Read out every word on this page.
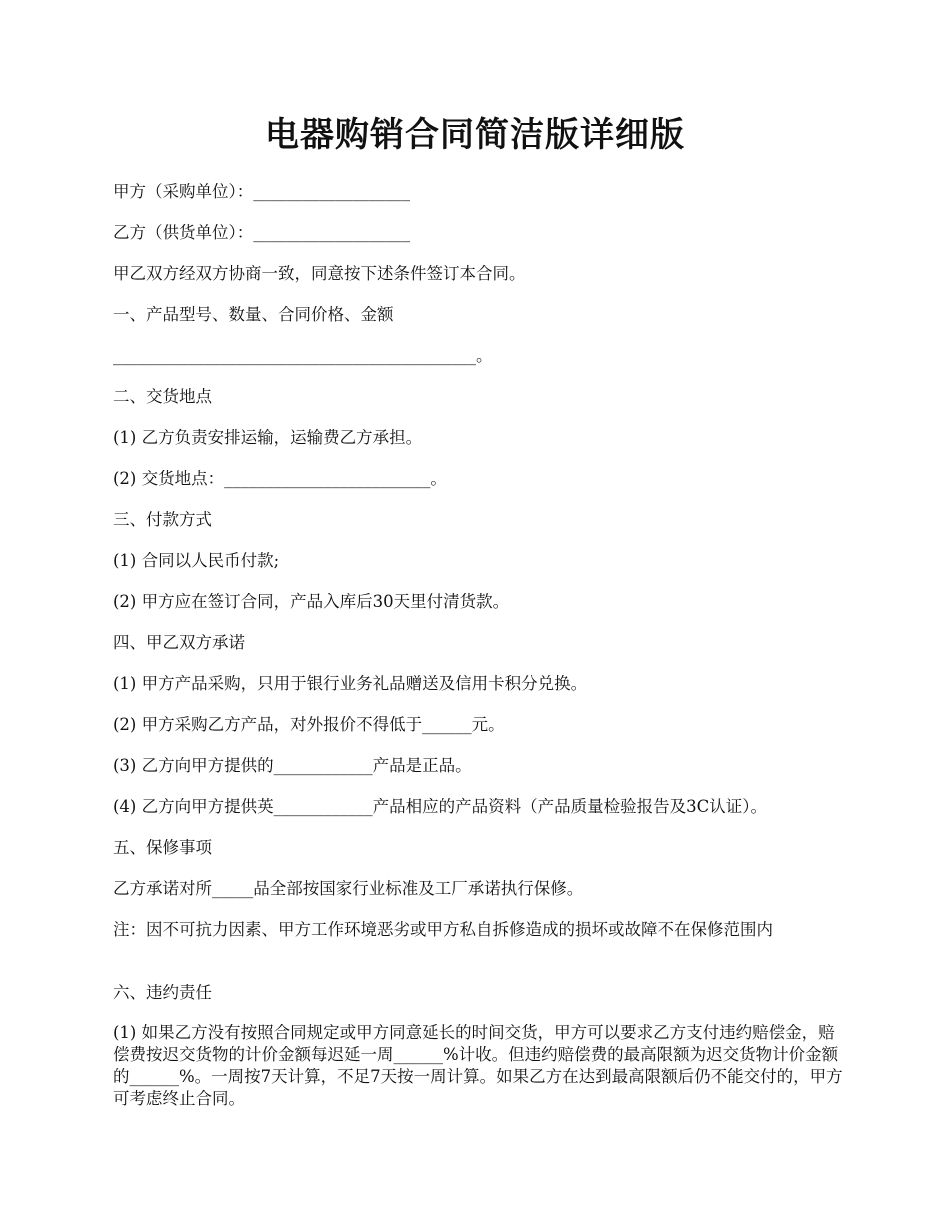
电器购销合同简洁版详细版

甲方（采购单位）：___________________

乙方（供货单位）：___________________

甲乙双方经双方协商一致，同意按下述条件签订本合同。

一、产品型号、数量、合同价格、金额

____________________________________________。

二、交货地点

(1) 乙方负责安排运输，运输费乙方承担。

(2) 交货地点：_________________________。

三、付款方式

(1) 合同以人民币付款;

(2) 甲方应在签订合同，产品入库后30天里付清货款。

四、甲乙双方承诺

(1) 甲方产品采购，只用于银行业务礼品赠送及信用卡积分兑换。

(2) 甲方采购乙方产品，对外报价不得低于______元。

(3) 乙方向甲方提供的____________产品是正品。

(4) 乙方向甲方提供英____________产品相应的产品资料（产品质量检验报告及3C认证）。

五、保修事项

乙方承诺对所_____品全部按国家行业标准及工厂承诺执行保修。

注：因不可抗力因素、甲方工作环境恶劣或甲方私自拆修造成的损坏或故障不在保修范围内

六、违约责任

(1) 如果乙方没有按照合同规定或甲方同意延长的时间交货，甲方可以要求乙方支付违约赔偿金，赔偿费按迟交货物的计价金额每迟延一周______%计收。但违约赔偿费的最高限额为迟交货物计价金额的______%。一周按7天计算，不足7天按一周计算。如果乙方在达到最高限额后仍不能交付的，甲方可考虑终止合同。
